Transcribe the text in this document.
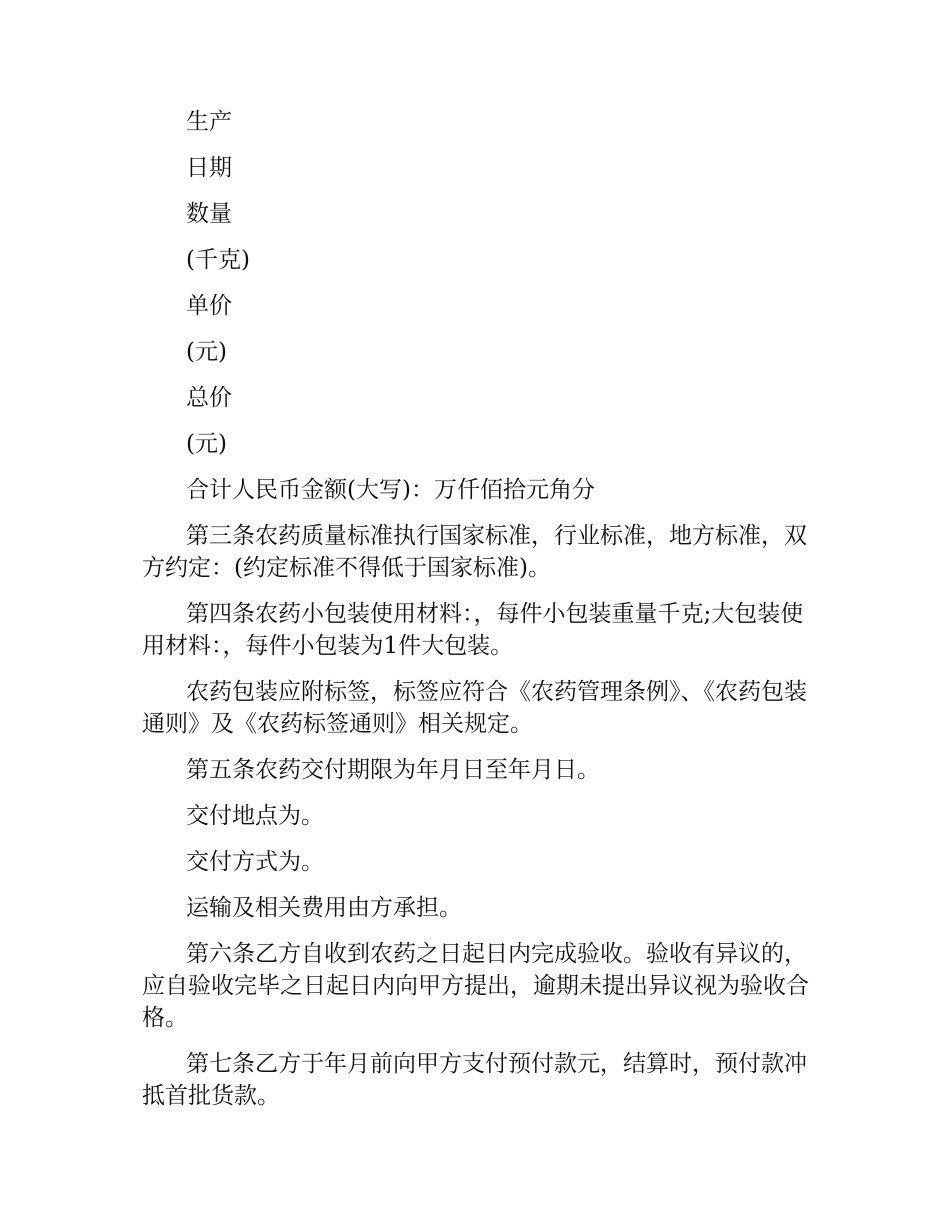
生产

日期

数量

(千克)

单价

(元)

总价

(元)

合计人民币金额(大写)：万仟佰拾元角分

第三条农药质量标准执行国家标准，行业标准，地方标准，双方约定：(约定标准不得低于国家标准)。

第四条农药小包装使用材料：，每件小包装重量千克;大包装使用材料：，每件小包装为1件大包装。

农药包装应附标签，标签应符合《农药管理条例》、《农药包装通则》及《农药标签通则》相关规定。

第五条农药交付期限为年月日至年月日。

交付地点为。

交付方式为。

运输及相关费用由方承担。

第六条乙方自收到农药之日起日内完成验收。验收有异议的，应自验收完毕之日起日内向甲方提出，逾期未提出异议视为验收合格。

第七条乙方于年月前向甲方支付预付款元，结算时，预付款冲抵首批货款。
